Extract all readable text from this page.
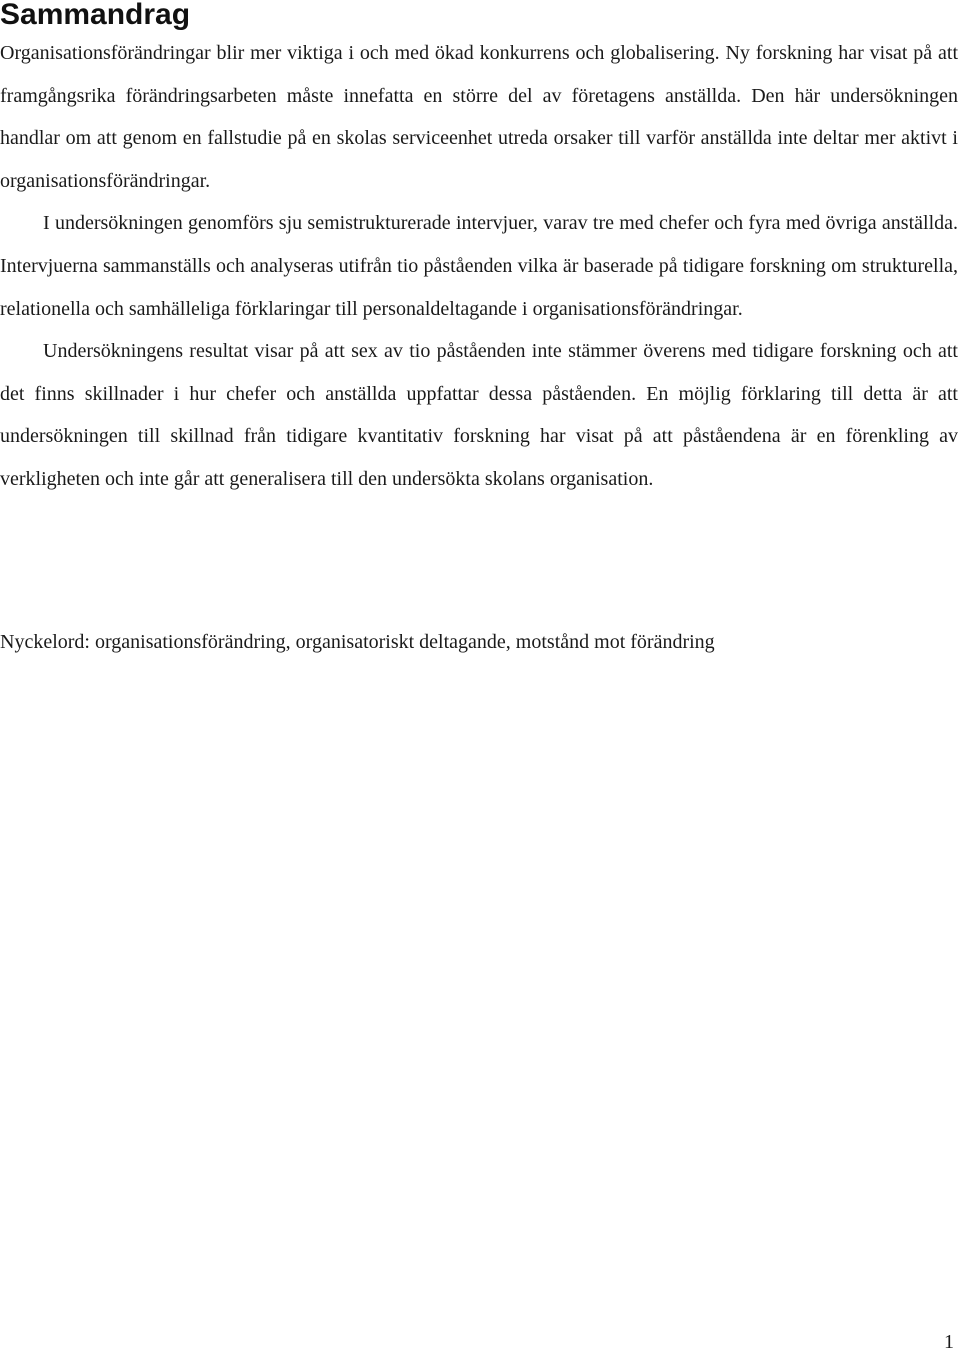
Sammandrag

Organisationsförändringar blir mer viktiga i och med ökad konkurrens och globalisering. Ny forskning har visat på att framgångsrika förändringsarbeten måste innefatta en större del av företagens anställda. Den här undersökningen handlar om att genom en fallstudie på en skolas serviceenhet utreda orsaker till varför anställda inte deltar mer aktivt i organisationsförändringar.

I undersökningen genomförs sju semistrukturerade intervjuer, varav tre med chefer och fyra med övriga anställda. Intervjuerna sammanställs och analyseras utifrån tio påståenden vilka är baserade på tidigare forskning om strukturella, relationella och samhälleliga förklaringar till personaldeltagande i organisationsförändringar.

Undersökningens resultat visar på att sex av tio påståenden inte stämmer överens med tidigare forskning och att det finns skillnader i hur chefer och anställda uppfattar dessa påståenden. En möjlig förklaring till detta är att undersökningen till skillnad från tidigare kvantitativ forskning har visat på att påståendena är en förenkling av verkligheten och inte går att generalisera till den undersökta skolans organisation.

Nyckelord: organisationsförändring, organisatoriskt deltagande, motstånd mot förändring

1
